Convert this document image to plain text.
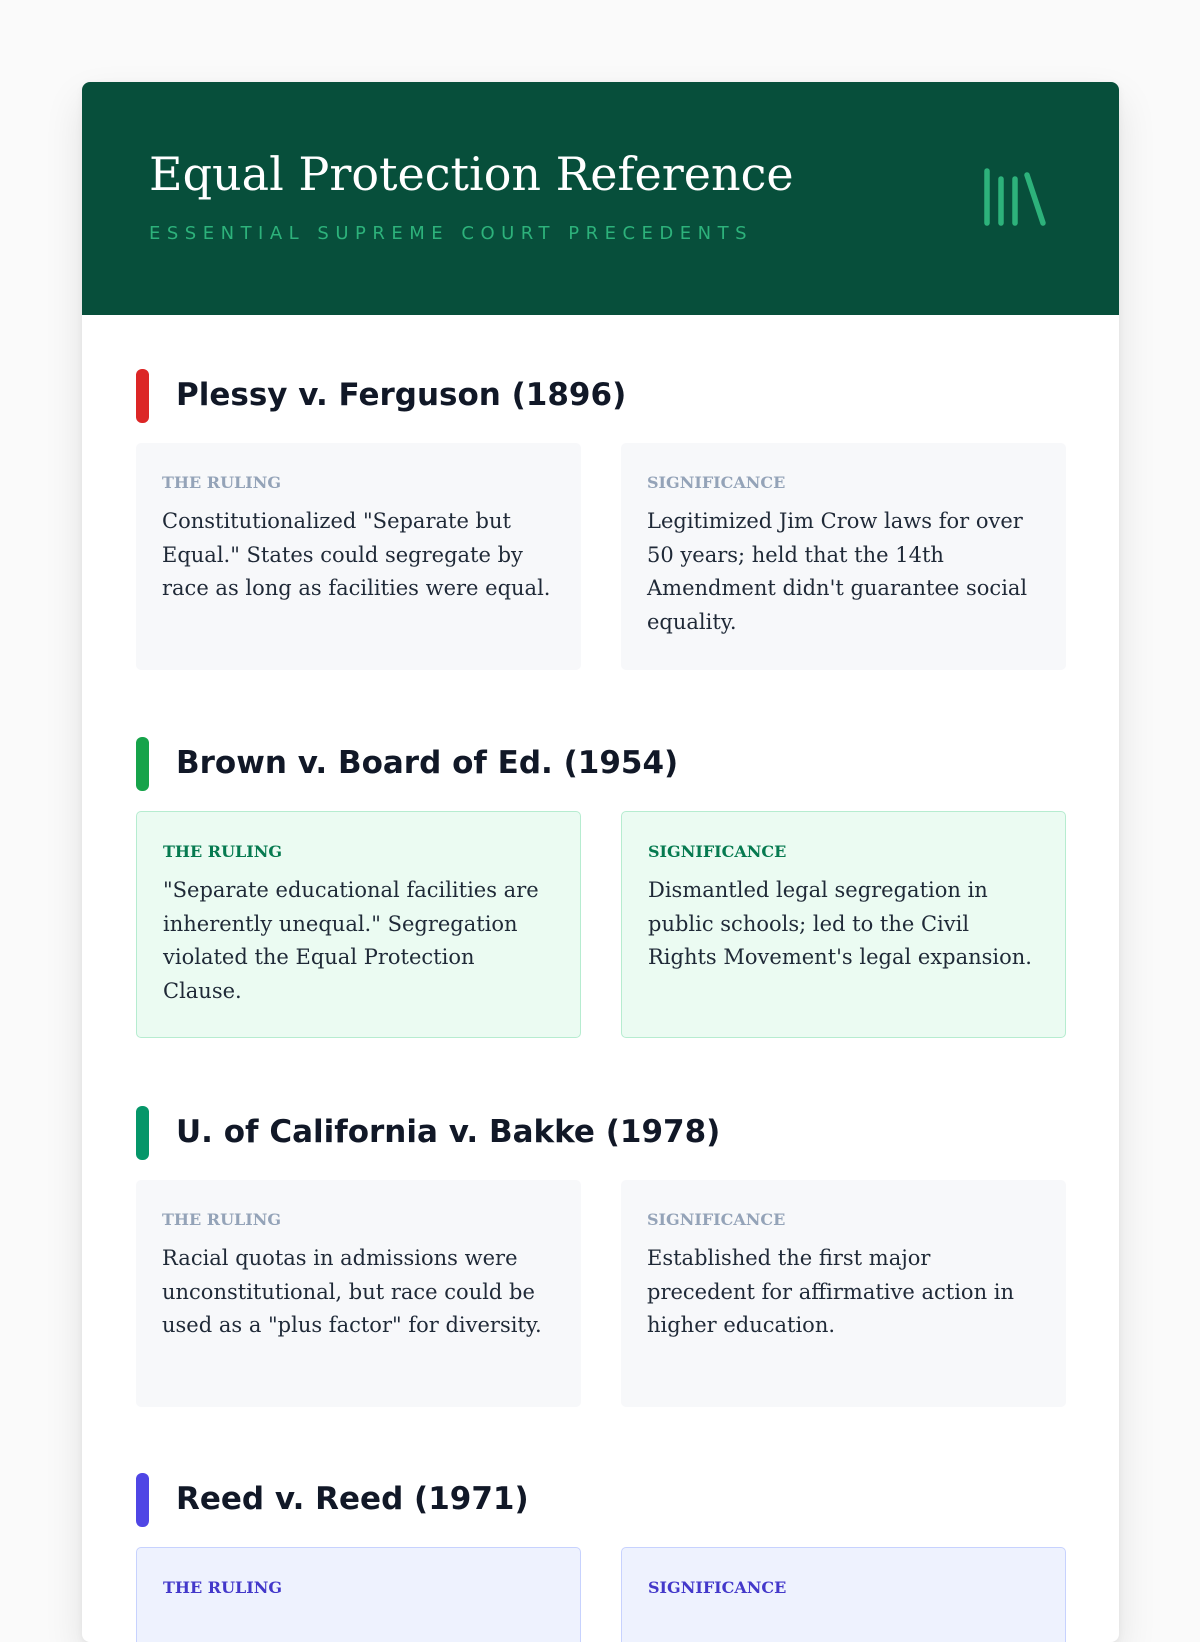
Equal Protection Reference

ESSENTIAL SUPREME COURT PRECEDENTS

Plessy v. Ferguson (1896)

THE RULING

Constitutionalized "Separate but Equal." States could segregate by race as long as facilities were equal.

SIGNIFICANCE

Legitimized Jim Crow laws for over 50 years; held that the 14th Amendment didn't guarantee social equality.

Brown v. Board of Ed. (1954)

THE RULING

"Separate educational facilities are inherently unequal." Segregation violated the Equal Protection Clause.

SIGNIFICANCE

Dismantled legal segregation in public schools; led to the Civil Rights Movement's legal expansion.

U. of California v. Bakke (1978)

THE RULING

Racial quotas in admissions were unconstitutional, but race could be used as a "plus factor" for diversity.

SIGNIFICANCE

Established the first major precedent for affirmative action in higher education.

Reed v. Reed (1971)

THE RULING	SIGNIFICANCE
